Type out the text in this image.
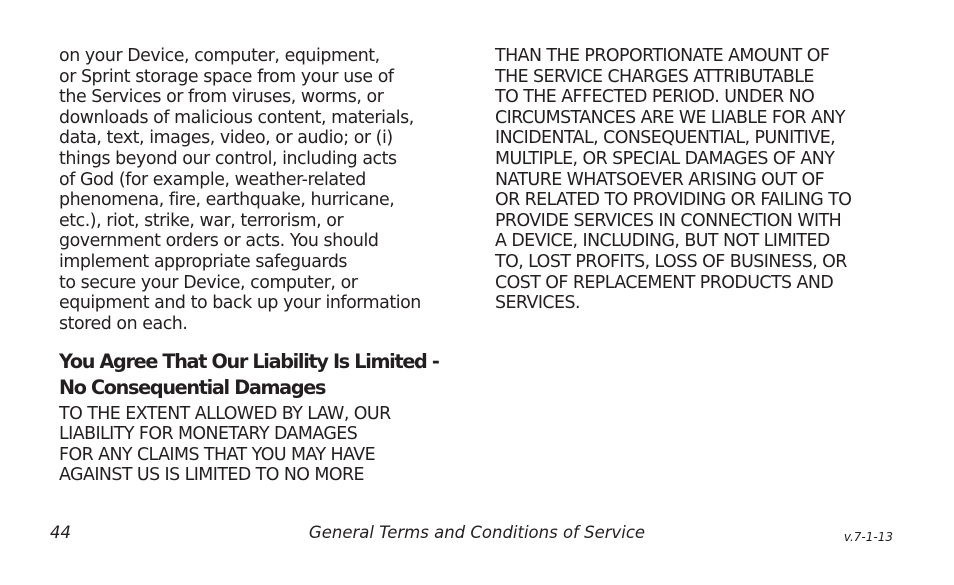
on your Device, computer, equipment,
or Sprint storage space from your use of
the Services or from viruses, worms, or
downloads of malicious content, materials,
data, text, images, video, or audio; or (i)
things beyond our control, including acts
of God (for example, weather-related
phenomena, fire, earthquake, hurricane,
etc.), riot, strike, war, terrorism, or
government orders or acts. You should
implement appropriate safeguards
to secure your Device, computer, or
equipment and to back up your information
stored on each.
You Agree That Our Liability Is Limited -
No Consequential Damages
TO THE EXTENT ALLOWED BY LAW, OUR
LIABILITY FOR MONETARY DAMAGES
FOR ANY CLAIMS THAT YOU MAY HAVE
AGAINST US IS LIMITED TO NO MORE
THAN THE PROPORTIONATE AMOUNT OF
THE SERVICE CHARGES ATTRIBUTABLE
TO THE AFFECTED PERIOD. UNDER NO
CIRCUMSTANCES ARE WE LIABLE FOR ANY
INCIDENTAL, CONSEQUENTIAL, PUNITIVE,
MULTIPLE, OR SPECIAL DAMAGES OF ANY
NATURE WHATSOEVER ARISING OUT OF
OR RELATED TO PROVIDING OR FAILING TO
PROVIDE SERVICES IN CONNECTION WITH
A DEVICE, INCLUDING, BUT NOT LIMITED
TO, LOST PROFITS, LOSS OF BUSINESS, OR
COST OF REPLACEMENT PRODUCTS AND
SERVICES.
44	General Terms and Conditions of Service	v.7-1-13
